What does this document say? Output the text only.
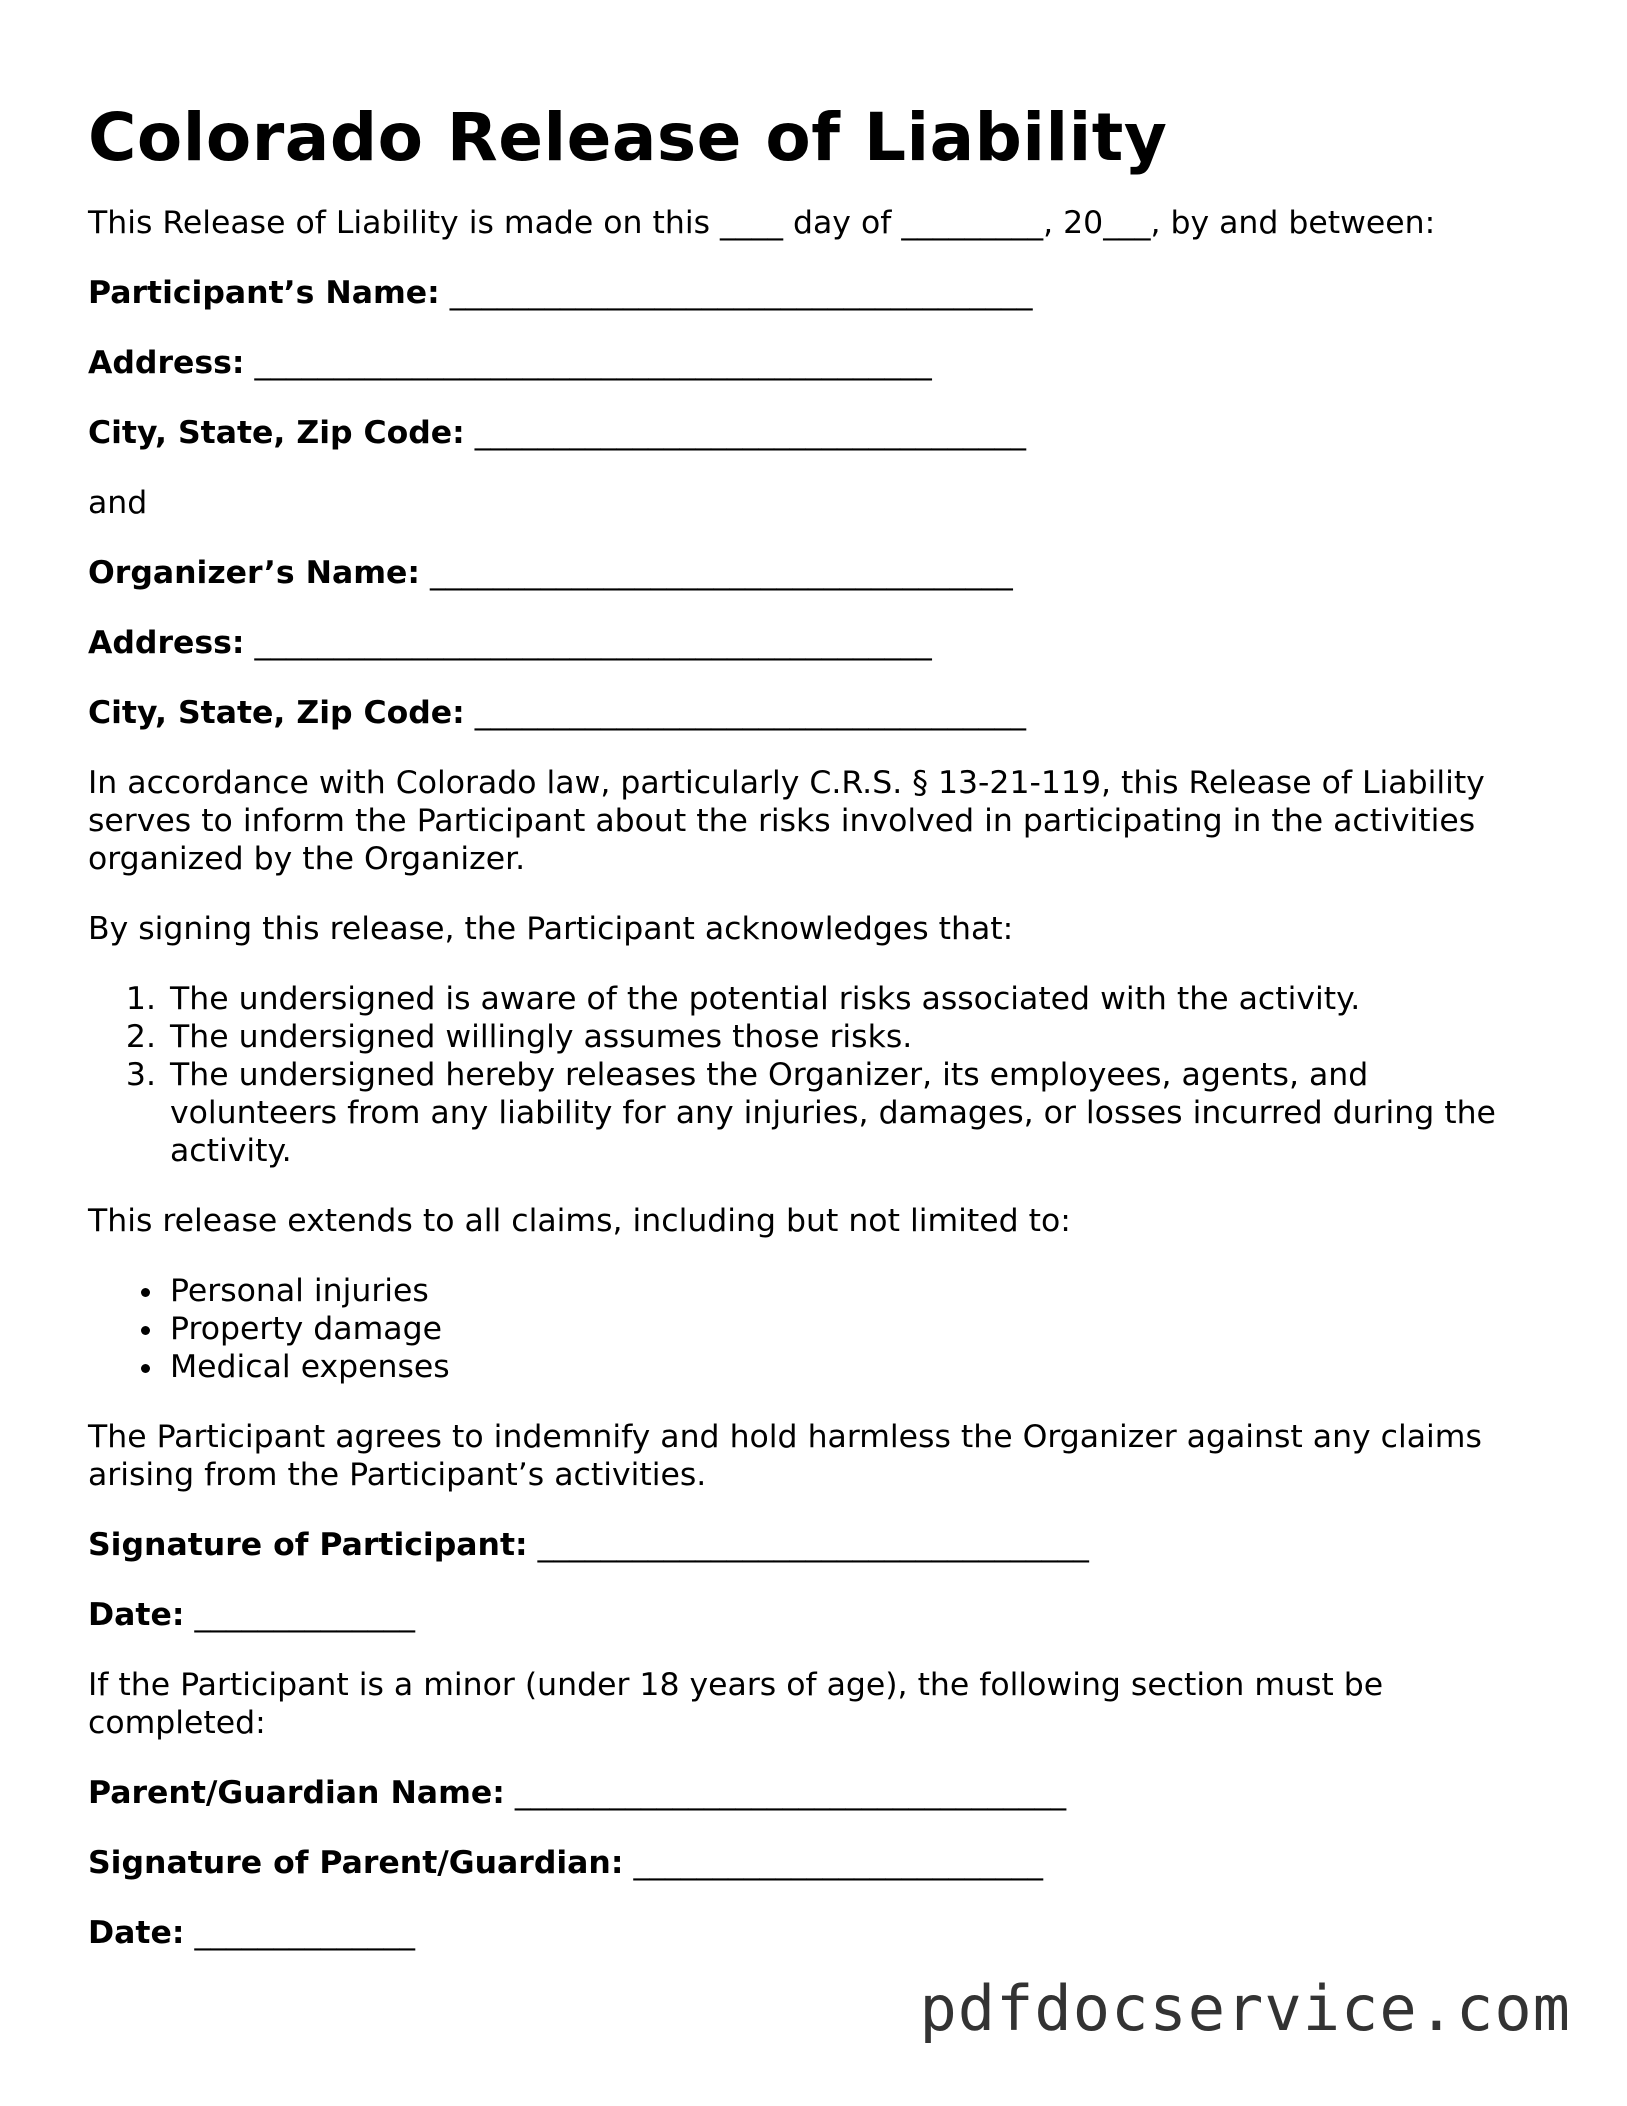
Colorado Release of Liability

This Release of Liability is made on this ____ day of _________, 20___, by and between:

Participant’s Name: _____________________________________
Address: ___________________________________________
City, State, Zip Code: ___________________________________

and

Organizer’s Name: _____________________________________
Address: ___________________________________________
City, State, Zip Code: ___________________________________

In accordance with Colorado law, particularly C.R.S. § 13-21-119, this Release of Liability serves to inform the Participant about the risks involved in participating in the activities organized by the Organizer.

By signing this release, the Participant acknowledges that:

1. The undersigned is aware of the potential risks associated with the activity.
2. The undersigned willingly assumes those risks.
3. The undersigned hereby releases the Organizer, its employees, agents, and volunteers from any liability for any injuries, damages, or losses incurred during the activity.

This release extends to all claims, including but not limited to:

• Personal injuries
• Property damage
• Medical expenses

The Participant agrees to indemnify and hold harmless the Organizer against any claims arising from the Participant’s activities.

Signature of Participant: ___________________________________
Date: ______________

If the Participant is a minor (under 18 years of age), the following section must be completed:

Parent/Guardian Name: ___________________________________
Signature of Parent/Guardian: __________________________
Date: ______________
pdfdocservice.com
